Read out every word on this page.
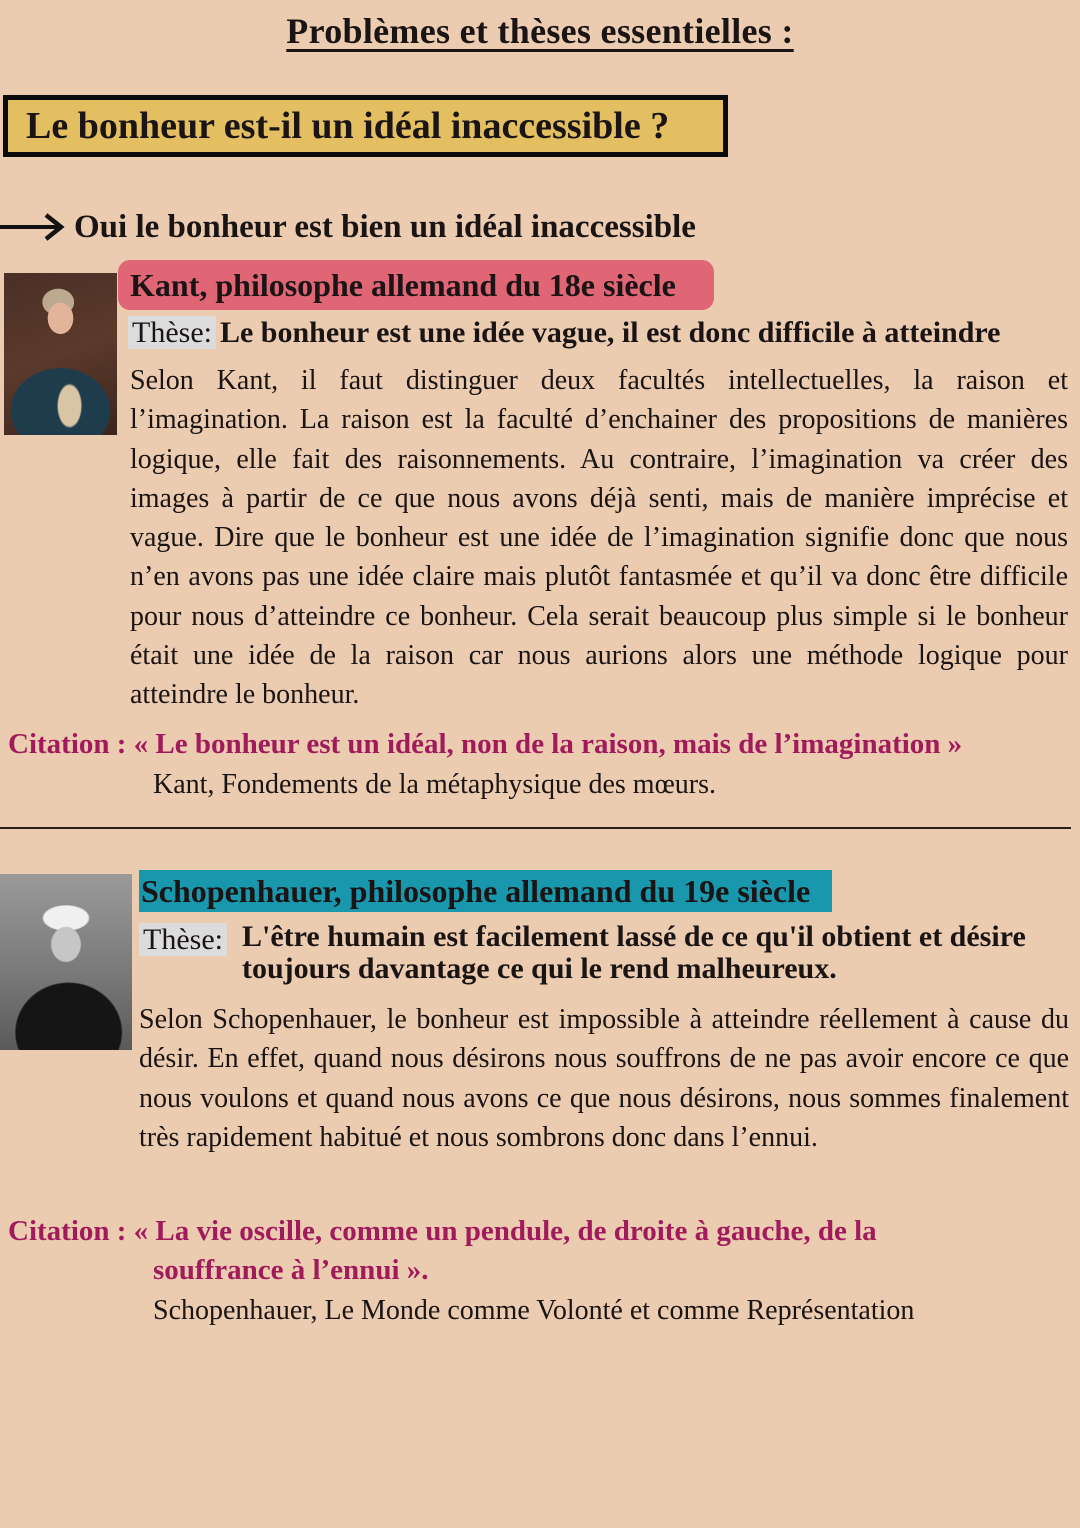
Problèmes et thèses essentielles :
Le bonheur est-il un idéal inaccessible ?
Oui le bonheur est bien un idéal inaccessible
Kant, philosophe allemand du 18e siècle
Thèse: Le bonheur est une idée vague, il est donc difficile à atteindre
Selon Kant, il faut distinguer deux facultés intellectuelles, la raison et l’imagination. La raison est la faculté d’enchainer des propositions de manières logique, elle fait des raisonnements. Au contraire, l’imagination va créer des images à partir de ce que nous avons déjà senti, mais de manière imprécise et vague. Dire que le bonheur est une idée de l’imagination signifie donc que nous n’en avons pas une idée claire mais plutôt fantasmée et qu’il va donc être difficile pour nous d’atteindre ce bonheur. Cela serait beaucoup plus simple si le bonheur était une idée de la raison car nous aurions alors une méthode logique pour atteindre le bonheur.
Citation : « Le bonheur est un idéal, non de la raison, mais de l’imagination »
Kant, Fondements de la métaphysique des mœurs.
Schopenhauer, philosophe allemand du 19e siècle
Thèse: L'être humain est facilement lassé de ce qu'il obtient et désire toujours davantage ce qui le rend malheureux.
Selon Schopenhauer, le bonheur est impossible à atteindre réellement à cause du désir. En effet, quand nous désirons nous souffrons de ne pas avoir encore ce que nous voulons et quand nous avons ce que nous désirons, nous sommes finalement très rapidement habitué et nous sombrons donc dans l’ennui.
Citation : « La vie oscille, comme un pendule, de droite à gauche, de la
souffrance à l’ennui ».
Schopenhauer, Le Monde comme Volonté et comme Représentation
